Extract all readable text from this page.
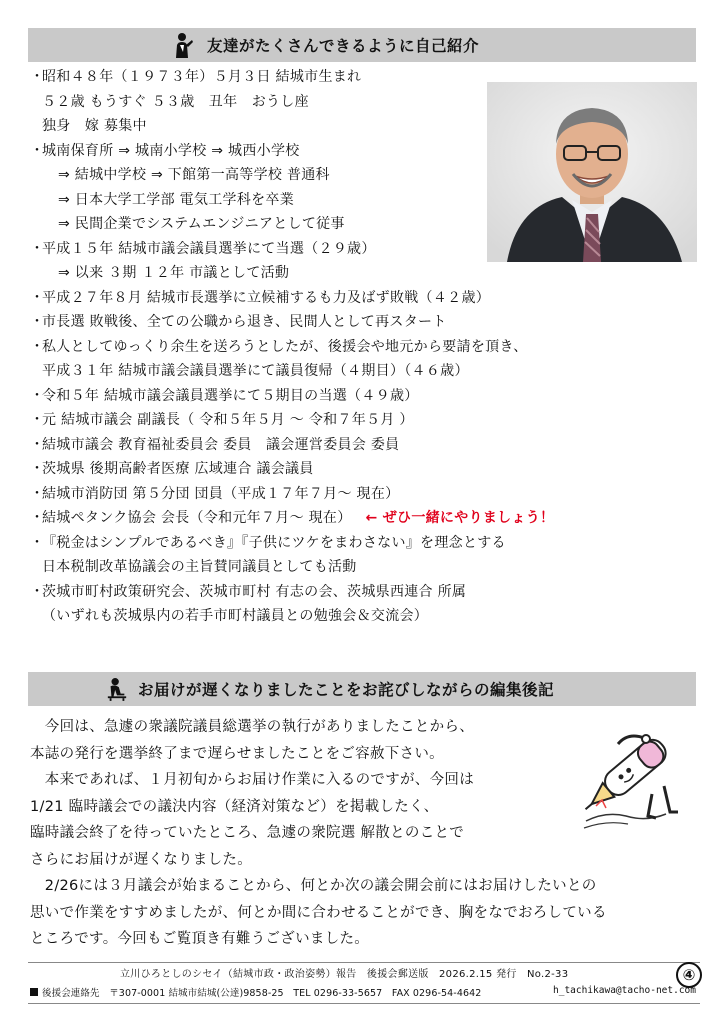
友達がたくさんできるように自己紹介
・昭和４８年（１９７３年）５月３日 結城市生まれ
５２歳 もうすぐ ５３歳　丑年　おうし座
独身　嫁 募集中
・城南保育所 ⇒ 城南小学校 ⇒ 城西小学校
⇒ 結城中学校 ⇒ 下館第一高等学校 普通科
⇒ 日本大学工学部 電気工学科を卒業
⇒ 民間企業でシステムエンジニアとして従事
・平成１５年 結城市議会議員選挙にて当選（２９歳）
⇒ 以来 ３期 １２年 市議として活動
・平成２７年８月 結城市長選挙に立候補するも力及ばず敗戦（４２歳）
・市長選 敗戦後、全ての公職から退き、民間人として再スタート
・私人としてゆっくり余生を送ろうとしたが、後援会や地元から要請を頂き、
平成３１年 結城市議会議員選挙にて議員復帰（４期目）（４６歳）
・令和５年 結城市議会議員選挙にて５期目の当選（４９歳）
・元 結城市議会 副議長（ 令和５年５月 ～ 令和７年５月 ）
・結城市議会 教育福祉委員会 委員　議会運営委員会 委員
・茨城県 後期高齢者医療 広域連合 議会議員
・結城市消防団 第５分団 団員（平成１７年７月～ 現在）
・結城ペタンク協会 会長（令和元年７月～ 現在） ← ぜひ一緒にやりましょう！
・『税金はシンプルであるべき』『子供にツケをまわさない』を理念とする
日本税制改革協議会の主旨賛同議員としても活動
・茨城市町村政策研究会、茨城市町村 有志の会、茨城県西連合 所属
（いずれも茨城県内の若手市町村議員との勉強会＆交流会）
お届けが遅くなりましたことをお詫びしながらの編集後記
　今回は、急遽の衆議院議員総選挙の執行がありましたことから、
本誌の発行を選挙終了まで遅らせましたことをご容赦下さい。
　本来であれば、１月初旬からお届け作業に入るのですが、今回は
1/21 臨時議会での議決内容（経済対策など）を掲載したく、
臨時議会終了を待っていたところ、急遽の衆院選 解散とのことで
さらにお届けが遅くなりました。
　2/26には３月議会が始まることから、何とか次の議会開会前にはお届けしたいとの
思いで作業をすすめましたが、何とか間に合わせることができ、胸をなでおろしている
ところです。今回もご覧頂き有難うございました。
立川ひろとしのシセイ（結城市政・政治姿勢）報告　後援会郵送版　2026.2.15 発行　No.2-33
後援会連絡先　〒307-0001 結城市結城(公達)9858-25　TEL 0296-33-5657　FAX 0296-54-4642	h_tachikawa@tacho-net.com
④
